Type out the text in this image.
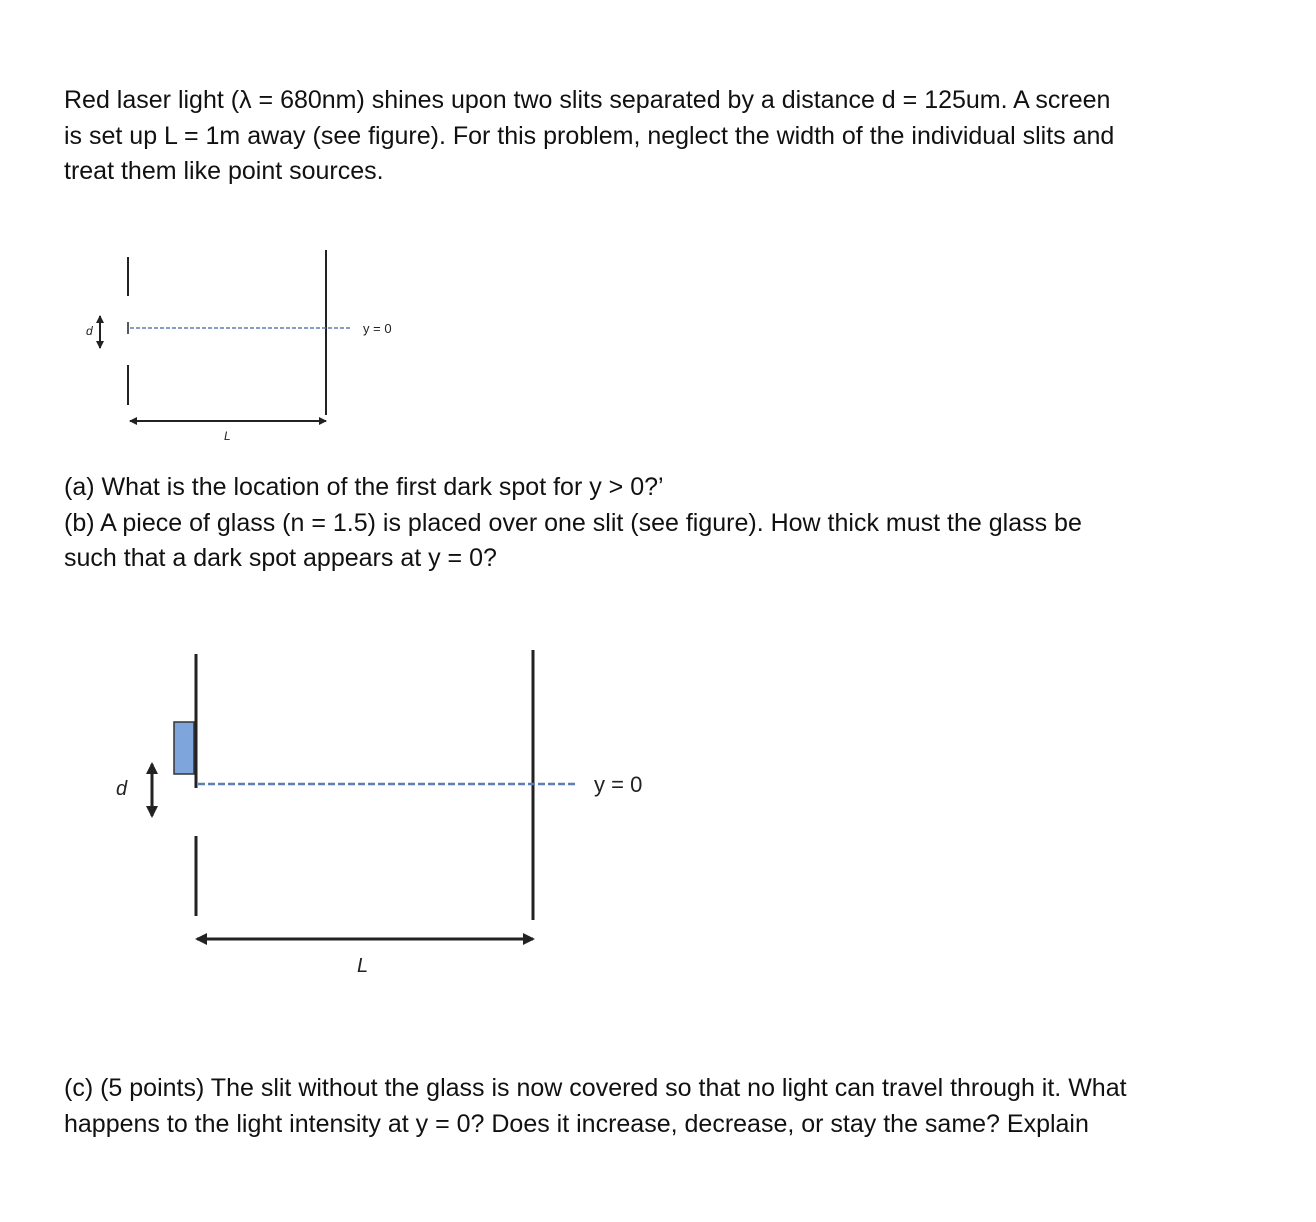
Red laser light (λ = 680nm) shines upon two slits separated by a distance d = 125um. A screen
is set up L = 1m away (see figure). For this problem, neglect the width of the individual slits and
treat them like point sources.
d	y = 0
L
(a) What is the location of the first dark spot for y > 0?’
(b) A piece of glass (n = 1.5) is placed over one slit (see figure). How thick must the glass be
such that a dark spot appears at y = 0?
d	y = 0
L
(c) (5 points) The slit without the glass is now covered so that no light can travel through it. What
happens to the light intensity at y = 0? Does it increase, decrease, or stay the same? Explain
